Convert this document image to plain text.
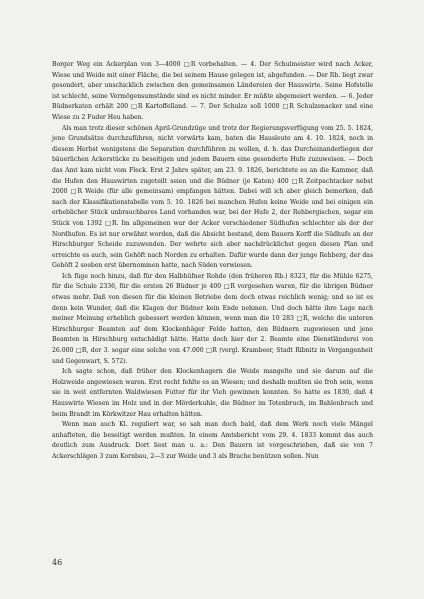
Borger Weg ein Ackerplan von 3—4000 □R vorbehalten. — 4. Der Schulmeister wird nach Acker, Wiese und Weide mit einer Fläche, die bei seinem Hause gelegen ist, abgefunden. — Der Rb. liegt zwar gesondert, aber unschicklich zwischen den gemeinsamen Ländereien der Hauswirte. Seine Hofstelle ist schlecht, seine Vermögensumstände sind es nicht minder. Er müßte abgemeiert werden. — 6. Jeder Büdnerkaten erhält 200 □R Kartoffelland. — 7. Der Schulze soll 1000 □R Schulzenacker und eine Wiese zu 2 Fuder Heu haben.

Als man trotz dieser schönen April-Grundzüge und trotz der Regierungsverfügung vom 25. 5. 1824, jene Grundsätze durchzuführen, nicht vorwärts kam, baten die Hausleute am 4. 10. 1824, noch in diesem Herbst wenigstens die Separation durchführen zu wollen, d. h. das Durcheinanderliegen der bäuerlichen Ackerstücke zu beseitigen und jedem Bauern eine gesonderte Hufe zuzuweisen. — Doch das Amt kam nicht vom Fleck. Erst 2 Jahre später, am 23. 9. 1826, berichtete es an die Kammer, daß die Hufen den Hauswirten zugeteilt seien und die Büdner (je Katen) 400 □R Zeitpachtacker nebst 2000 □R Weide (für alle gemeinsam) empfangen hätten. Dabei will ich aber gleich bemerken, daß nach der Klassifikationstabelle vom 5. 10. 1826 bei manchen Hufen keine Weide und bei einigen ein erheblicher Stück unbrauchbares Land vorhanden war, bei der Hufe 2, der Rehbergischen, sogar ein Stück von 1392 □R. Im allgemeinen war der Acker verschiedener Südhufen schlechter als der der Nordhufen. Es ist nur erwähnt worden, daß die Absicht bestand, dem Bauern Korff die Südhufe an der Hirschburger Scheide zuzuwenden. Der wehrte sich aber nachdrücklichst gegen diesen Plan und erreichte es auch, sein Gehöft nach Norden zu erhalten. Dafür wurde dann der junge Rehberg, der das Gehöft 2 soeben erst übernommen hatte, nach Süden verwiesen.

Ich füge noch hinzu, daß für den Halbhüfner Rohde (den früheren Rb.) 8323, für die Mühle 6275, für die Schule 2336, für die ersten 26 Büdner je 400 □R vorgesehen waren, für die übrigen Büdner etwas mehr. Daß von diesen für die kleinen Betriebe dem doch etwas reichlich wenig; und so ist es denn kein Wunder, daß die Klagen der Büdner kein Ende nehmen. Und doch hätte ihre Lage nach meiner Meinung erheblich gebessert werden können, wenn man die 10 283 □R, welche die unteren Hirschburger Beamten auf dem Klockenhäger Felde hatten, den Büdnern zugewiesen und jene Beamten in Hirschburg entschädigt hätte. Hatte doch hier der 2. Beamte eine Dienstländerei von 26.000 □R, der 3. sogar eine solche von 47.000 □R (vergl. Krambeer, Stadt Ribnitz in Vergangenheit und Gegenwart, S. 572).

Ich sagte schon, daß früher den Klockenhagern die Weide mangelte und sie darum auf die Holzweide angewiesen waren. Erst recht fehlte es an Wiesen; und deshalb mußten sie froh sein, wenn sie in weit entfernten Waldwiesen Futter für ihr Vieh gewinnen konnten. So hatte es 1830, daß 4 Hauswirte Wiesen im Holz und in der Mörderkuhle, die Büdner im Totenbruch, im Bahlenbruch und beim Brandt im Körkwitzer Hau erhalten hätten.

Wenn man auch Kl. reguliert war, so sah man doch bald, daß dem Werk noch viele Mängel anhafteten, die beseitigt werden mußten. In einem Amtsbericht vom 29. 4. 1833 kommt das auch deutlich zum Ausdruck. Dort liest man u. a.: Den Bauern ist vorgeschrieben, daß sie von 7 Ackerschlägen 3 zum Kornbau, 2—3 zur Weide und 3 als Brache benützen sollen. Nun

46
